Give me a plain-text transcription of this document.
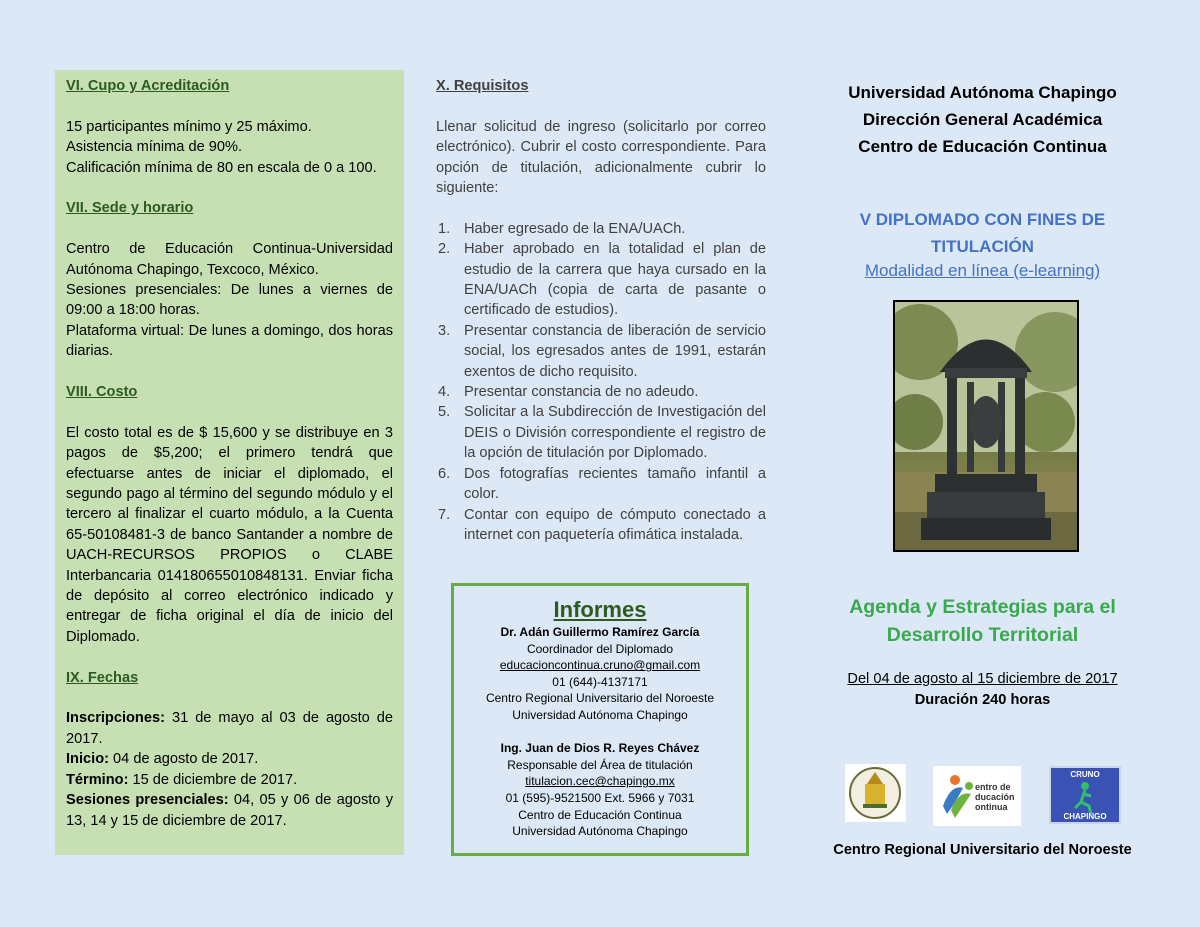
VI. Cupo y Acreditación

15 participantes mínimo y 25 máximo.

Asistencia mínima de 90%.

Calificación mínima de 80 en escala de 0 a 100.

VII. Sede y horario

Centro de Educación Continua-Universidad Autónoma Chapingo, Texcoco, México.

Sesiones presenciales: De lunes a viernes de 09:00 a 18:00 horas.

Plataforma virtual: De lunes a domingo, dos horas diarias.

VIII. Costo

El costo total es de $ 15,600 y se distribuye en 3 pagos de $5,200; el primero tendrá que efectuarse antes de iniciar el diplomado, el segundo pago al término del segundo módulo y el tercero al finalizar el cuarto módulo, a la Cuenta 65-50108481-3 de banco Santander a nombre de UACH-RECURSOS PROPIOS o CLABE Interbancaria 014180655010848131. Enviar ficha de depósito al correo electrónico indicado y entregar de ficha original el día de inicio del Diplomado.

IX. Fechas

Inscripciones: 31 de mayo al 03 de agosto de 2017.

Inicio: 04 de agosto de 2017.

Término: 15 de diciembre de 2017.

Sesiones presenciales: 04, 05 y 06 de agosto y 13, 14 y 15 de diciembre de 2017.

X. Requisitos

Llenar solicitud de ingreso (solicitarlo por correo electrónico). Cubrir el costo correspondiente. Para opción de titulación, adicionalmente cubrir lo siguiente:

1. Haber egresado de la ENA/UACh.
2. Haber aprobado en la totalidad el plan de estudio de la carrera que haya cursado en la ENA/UACh (copia de carta de pasante o certificado de estudios).
3. Presentar constancia de liberación de servicio social, los egresados antes de 1991, estarán exentos de dicho requisito.
4. Presentar constancia de no adeudo.
5. Solicitar a la Subdirección de Investigación del DEIS o División correspondiente el registro de la opción de titulación por Diplomado.
6. Dos fotografías recientes tamaño infantil a color.
7. Contar con equipo de cómputo conectado a internet con paquetería ofimática instalada.
Informes
Dr. Adán Guillermo Ramírez García
Coordinador del Diplomado
educacioncontinua.cruno@gmail.com
01 (644)-4137171
Centro Regional Universitario del Noroeste
Universidad Autónoma Chapingo
Ing. Juan de Dios R. Reyes Chávez
Responsable del Área de titulación
titulacion.cec@chapingo.mx
01 (595)-9521500 Ext. 5966 y 7031
Centro de Educación Continua
Universidad Autónoma Chapingo
Universidad Autónoma Chapingo
Dirección General Académica
Centro de Educación Continua
V DIPLOMADO CON FINES DE
TITULACIÓN
Modalidad en línea (e-learning)
Agenda y Estrategias para el
Desarrollo Territorial
Del 04 de agosto al 15 diciembre de 2017
Duración 240 horas
Centro Regional Universitario del Noroeste
entro de
ducación
ontinua
CRUNO
CHAPINGO
